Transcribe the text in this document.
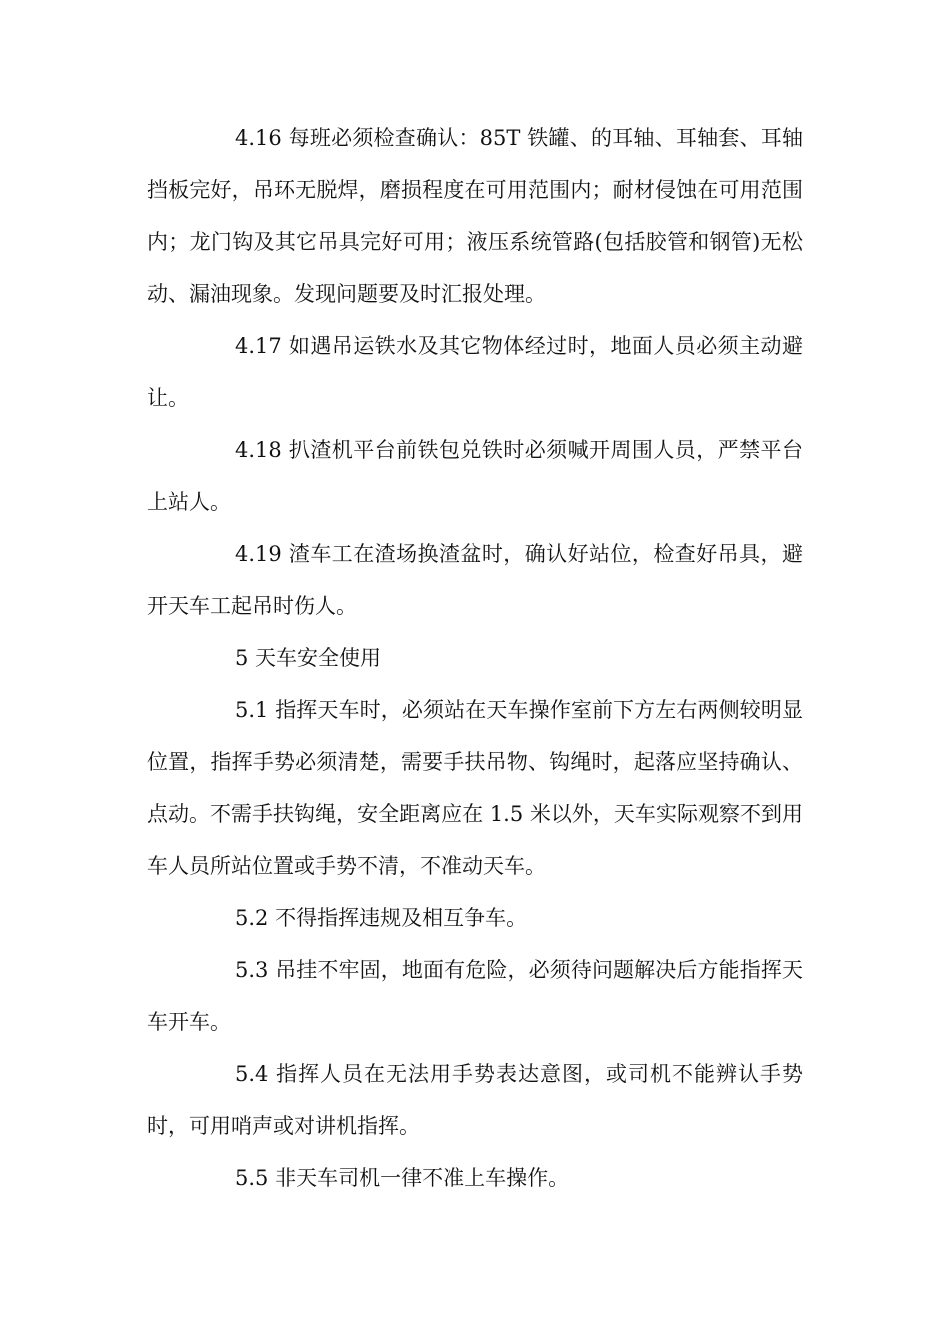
4.16 每班必须检查确认：85T 铁罐、的耳轴、耳轴套、耳轴挡板完好，吊环无脱焊，磨损程度在可用范围内；耐材侵蚀在可用范围内；龙门钩及其它吊具完好可用；液压系统管路(包括胶管和钢管)无松动、漏油现象。发现问题要及时汇报处理。

4.17 如遇吊运铁水及其它物体经过时，地面人员必须主动避让。

4.18 扒渣机平台前铁包兑铁时必须喊开周围人员，严禁平台上站人。

4.19 渣车工在渣场换渣盆时，确认好站位，检查好吊具，避开天车工起吊时伤人。

5 天车安全使用

5.1 指挥天车时，必须站在天车操作室前下方左右两侧较明显位置，指挥手势必须清楚，需要手扶吊物、钩绳时，起落应坚持确认、点动。不需手扶钩绳，安全距离应在 1.5 米以外，天车实际观察不到用车人员所站位置或手势不清，不准动天车。

5.2 不得指挥违规及相互争车。

5.3 吊挂不牢固，地面有危险，必须待问题解决后方能指挥天车开车。

5.4 指挥人员在无法用手势表达意图，或司机不能辨认手势时，可用哨声或对讲机指挥。

5.5 非天车司机一律不准上车操作。
